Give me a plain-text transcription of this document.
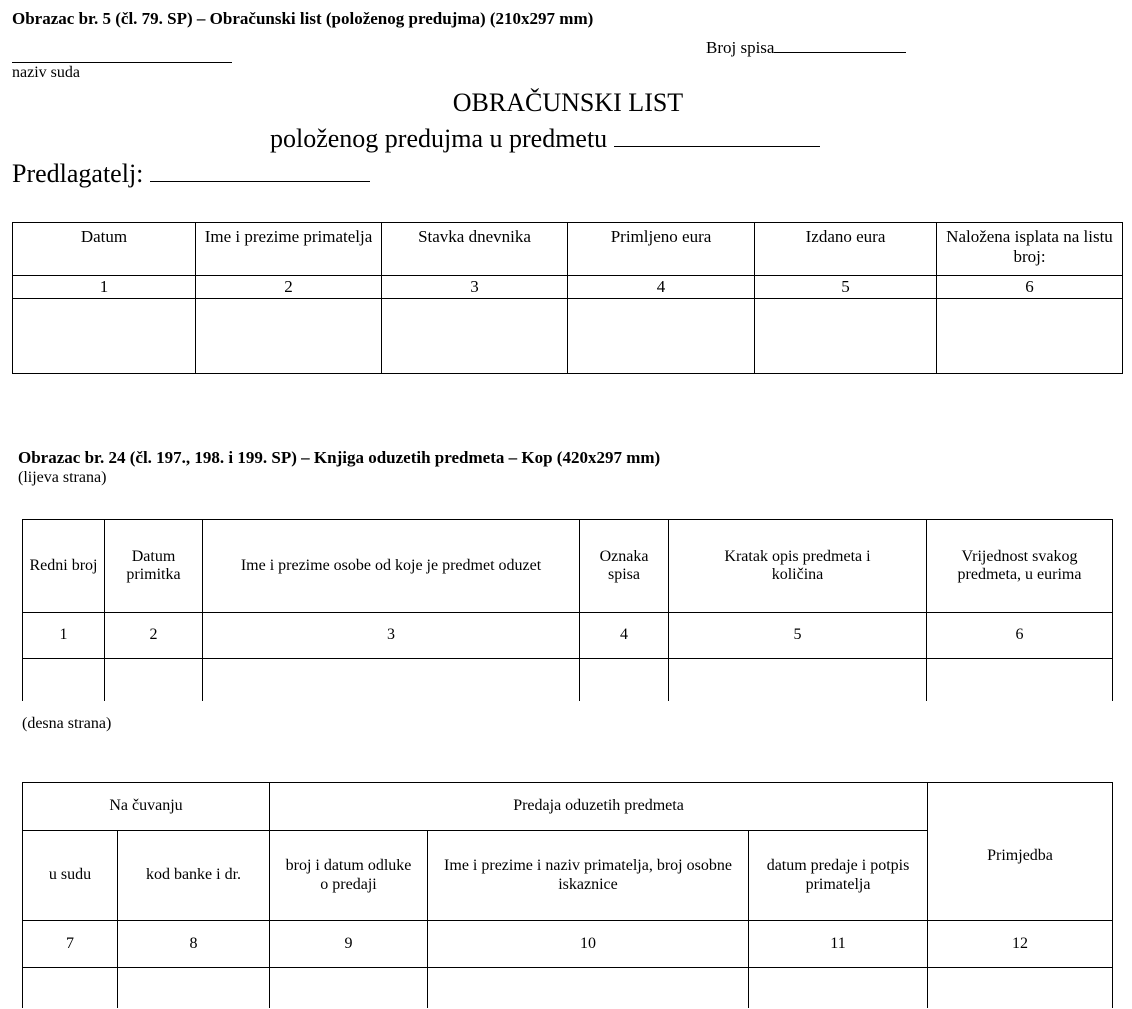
Obrazac br. 5 (čl. 79. SP) – Obračunski list (položenog predujma) (210x297 mm)
naziv suda
Broj spisa
OBRAČUNSKI LIST
položenog predujma u predmetu
Predlagatelj:
Datum	Ime i prezime primatelja	Stavka dnevnika	Primljeno eura	Izdano eura	Naložena isplata na listu broj:
1	2	3	4	5	6

Obrazac br. 24 (čl. 197., 198. i 199. SP) – Knjiga oduzetih predmeta – Kop (420x297 mm)
(lijeva strana)
Redni broj	Datum primitka	Ime i prezime osobe od koje je predmet oduzet	Oznaka spisa	Kratak opis predmeta i količina	Vrijednost svakog predmeta, u eurima
1	2	3	4	5	6

(desna strana)
Na čuvanju		Predaja oduzetih predmeta			Primjedba
u sudu	kod banke i dr.	broj i datum odluke o predaji	Ime i prezime i naziv primatelja, broj osobne iskaznice	datum predaje i potpis primatelja	
7	8	9	10	11	12
